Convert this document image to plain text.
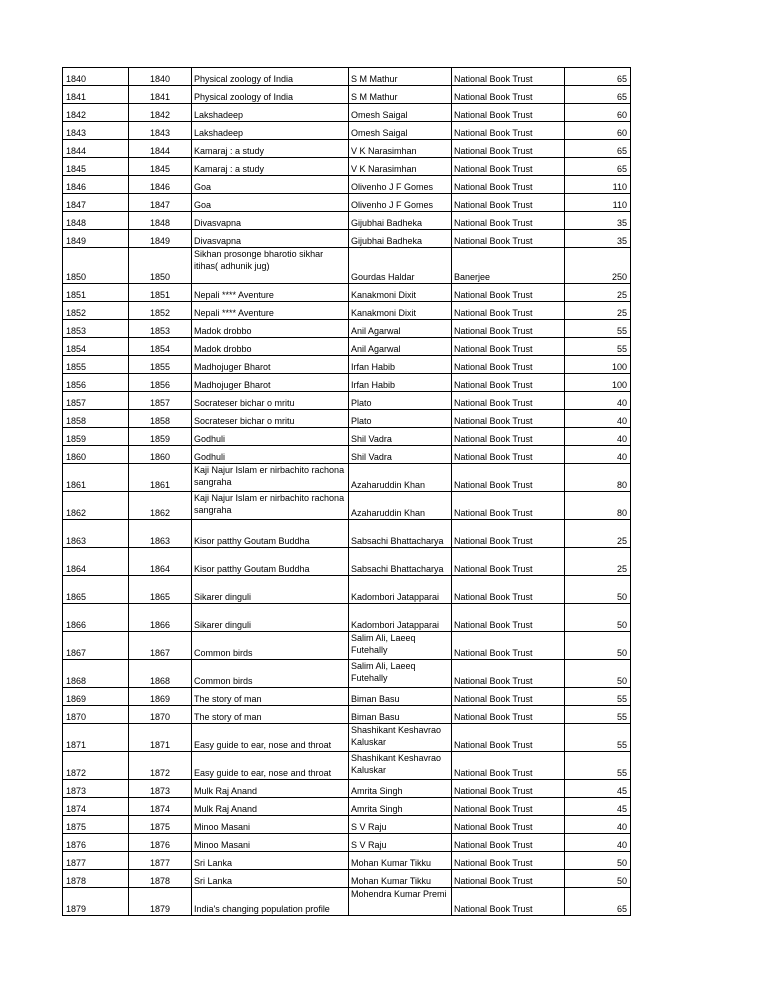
1840	1840	Physical zoology of India	S M Mathur	National Book Trust	65
1841	1841	Physical zoology of India	S M Mathur	National Book Trust	65
1842	1842	Lakshadeep	Omesh Saigal	National Book Trust	60
1843	1843	Lakshadeep	Omesh Saigal	National Book Trust	60
1844	1844	Kamaraj : a study	V K Narasimhan	National Book Trust	65
1845	1845	Kamaraj : a study	V K Narasimhan	National Book Trust	65
1846	1846	Goa	Olivenho J F Gomes	National Book Trust	110
1847	1847	Goa	Olivenho J F Gomes	National Book Trust	110
1848	1848	Divasvapna	Gijubhai Badheka	National Book Trust	35
1849	1849	Divasvapna	Gijubhai Badheka	National Book Trust	35
1850	1850	Sikhan prosonge bharotio sikhar itihas( adhunik jug)	Gourdas Haldar	Banerjee	250
1851	1851	Nepali **** Aventure	Kanakmoni Dixit	National Book Trust	25
1852	1852	Nepali **** Aventure	Kanakmoni Dixit	National Book Trust	25
1853	1853	Madok drobbo	Anil Agarwal	National Book Trust	55
1854	1854	Madok drobbo	Anil Agarwal	National Book Trust	55
1855	1855	Madhojuger Bharot	Irfan Habib	National Book Trust	100
1856	1856	Madhojuger Bharot	Irfan Habib	National Book Trust	100
1857	1857	Socrateser bichar o mritu	Plato	National Book Trust	40
1858	1858	Socrateser bichar o mritu	Plato	National Book Trust	40
1859	1859	Godhuli	Shil Vadra	National Book Trust	40
1860	1860	Godhuli	Shil Vadra	National Book Trust	40
1861	1861	Kaji Najur Islam er nirbachito rachona sangraha	Azaharuddin Khan	National Book Trust	80
1862	1862	Kaji Najur Islam er nirbachito rachona sangraha	Azaharuddin Khan	National Book Trust	80
1863	1863	Kisor patthy Goutam Buddha	Sabsachi Bhattacharya	National Book Trust	25
1864	1864	Kisor patthy Goutam Buddha	Sabsachi Bhattacharya	National Book Trust	25
1865	1865	Sikarer dinguli	Kadombori Jatapparai	National Book Trust	50
1866	1866	Sikarer dinguli	Kadombori Jatapparai	National Book Trust	50
1867	1867	Common birds	Salim Ali, Laeeq Futehally	National Book Trust	50
1868	1868	Common birds	Salim Ali, Laeeq Futehally	National Book Trust	50
1869	1869	The story of man	Biman Basu	National Book Trust	55
1870	1870	The story of man	Biman Basu	National Book Trust	55
1871	1871	Easy guide to ear, nose and throat	Shashikant Keshavrao Kaluskar	National Book Trust	55
1872	1872	Easy guide to ear, nose and throat	Shashikant Keshavrao Kaluskar	National Book Trust	55
1873	1873	Mulk Raj Anand	Amrita Singh	National Book Trust	45
1874	1874	Mulk Raj Anand	Amrita Singh	National Book Trust	45
1875	1875	Minoo Masani	S V Raju	National Book Trust	40
1876	1876	Minoo Masani	S V Raju	National Book Trust	40
1877	1877	Sri Lanka	Mohan Kumar Tikku	National Book Trust	50
1878	1878	Sri Lanka	Mohan Kumar Tikku	National Book Trust	50
1879	1879	India's changing population profile	Mohendra Kumar Premi	National Book Trust	65
